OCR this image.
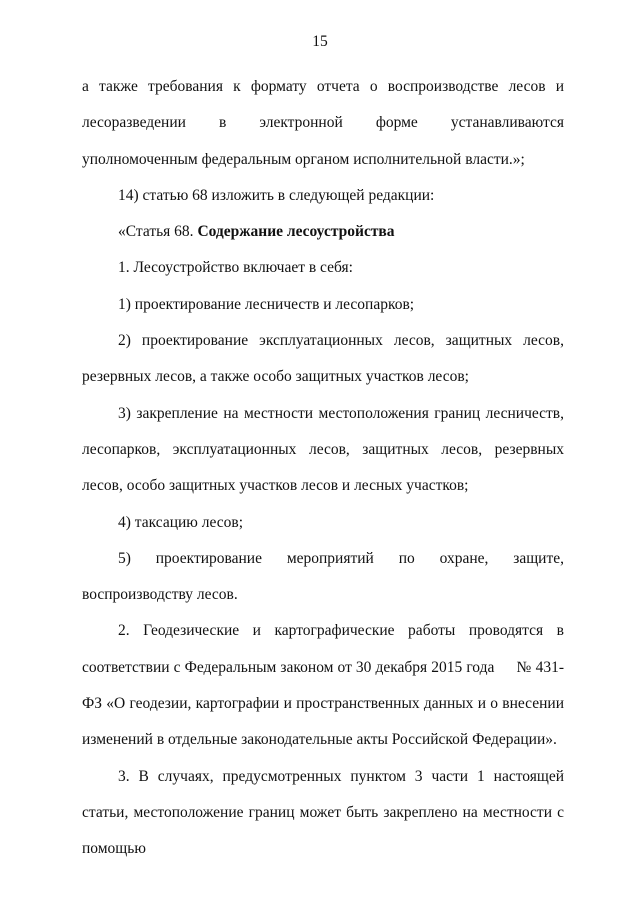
15

а также требования к формату отчета о воспроизводстве лесов и лесоразведении в электронной форме устанавливаются уполномоченным федеральным органом исполнительной власти.»;

14) статью 68 изложить в следующей редакции:

«Статья 68. Содержание лесоустройства

1. Лесоустройство включает в себя:

1) проектирование лесничеств и лесопарков;

2) проектирование эксплуатационных лесов, защитных лесов, резервных лесов, а также особо защитных участков лесов;

3) закрепление на местности местоположения границ лесничеств, лесопарков, эксплуатационных лесов, защитных лесов, резервных лесов, особо защитных участков лесов и лесных участков;

4) таксацию лесов;

5) проектирование мероприятий по охране, защите, воспроизводству лесов.

2. Геодезические и картографические работы проводятся в соответствии с Федеральным законом от 30 декабря 2015 года № 431-ФЗ «О геодезии, картографии и пространственных данных и о внесении изменений в отдельные законодательные акты Российской Федерации».

3. В случаях, предусмотренных пунктом 3 части 1 настоящей статьи, местоположение границ может быть закреплено на местности с помощью
